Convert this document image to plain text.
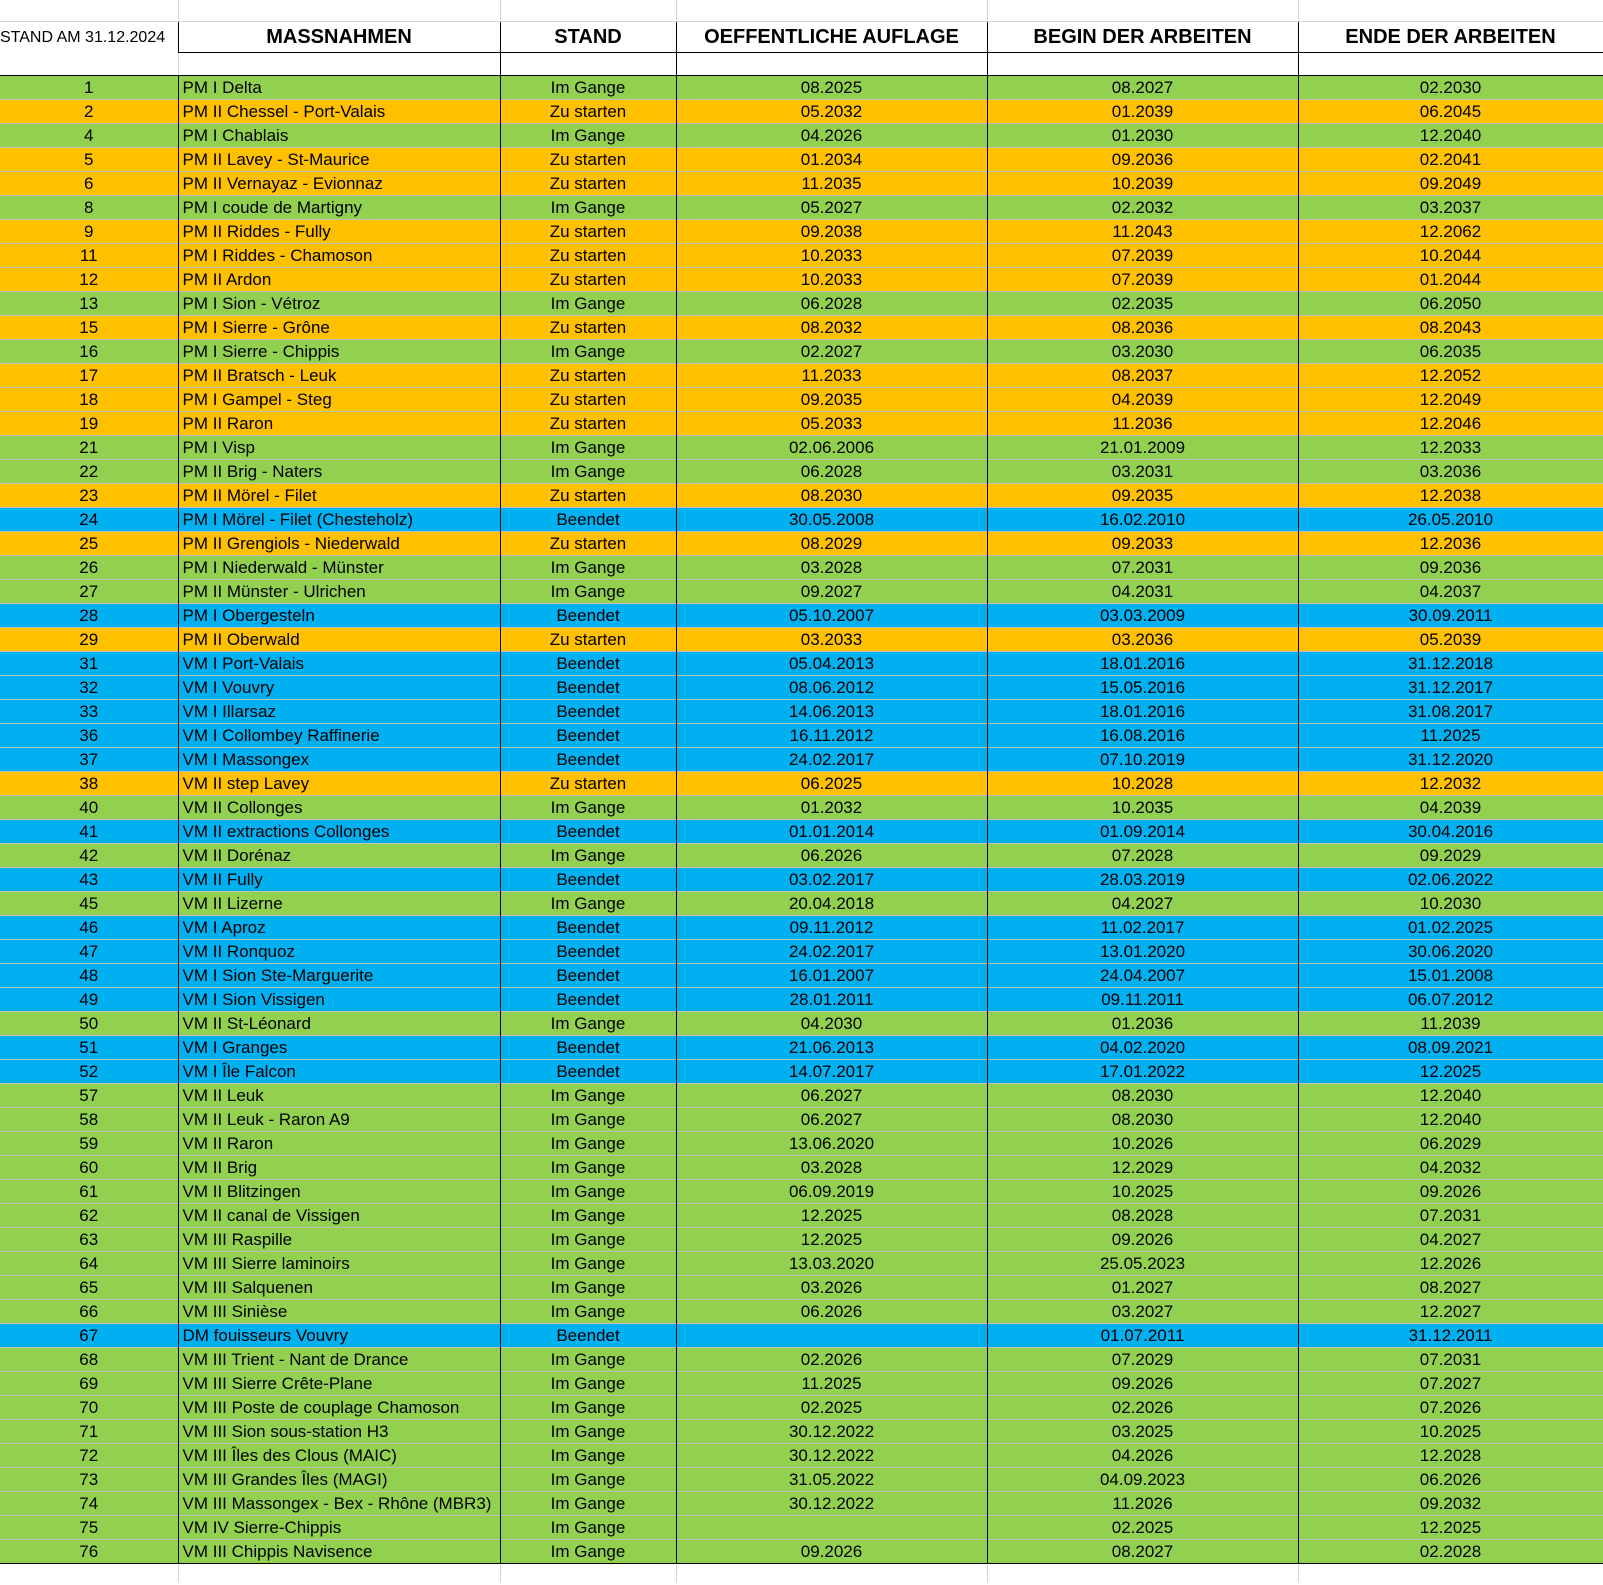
STAND AM 31.12.2024	MASSNAHMEN	STAND	OEFFENTLICHE AUFLAGE	BEGIN DER ARBEITEN	ENDE DER ARBEITEN

1	PM I Delta	Im Gange	08.2025	08.2027	02.2030
2	PM II Chessel - Port-Valais	Zu starten	05.2032	01.2039	06.2045
4	PM I Chablais	Im Gange	04.2026	01.2030	12.2040
5	PM II Lavey - St-Maurice	Zu starten	01.2034	09.2036	02.2041
6	PM II Vernayaz - Evionnaz	Zu starten	11.2035	10.2039	09.2049
8	PM I coude de Martigny	Im Gange	05.2027	02.2032	03.2037
9	PM II Riddes - Fully	Zu starten	09.2038	11.2043	12.2062
11	PM I Riddes - Chamoson	Zu starten	10.2033	07.2039	10.2044
12	PM II Ardon	Zu starten	10.2033	07.2039	01.2044
13	PM I Sion - Vétroz	Im Gange	06.2028	02.2035	06.2050
15	PM I Sierre - Grône	Zu starten	08.2032	08.2036	08.2043
16	PM I Sierre - Chippis	Im Gange	02.2027	03.2030	06.2035
17	PM II Bratsch - Leuk	Zu starten	11.2033	08.2037	12.2052
18	PM I Gampel - Steg	Zu starten	09.2035	04.2039	12.2049
19	PM II Raron	Zu starten	05.2033	11.2036	12.2046
21	PM I Visp	Im Gange	02.06.2006	21.01.2009	12.2033
22	PM II Brig - Naters	Im Gange	06.2028	03.2031	03.2036
23	PM II Mörel - Filet	Zu starten	08.2030	09.2035	12.2038
24	PM I Mörel - Filet (Chesteholz)	Beendet	30.05.2008	16.02.2010	26.05.2010
25	PM II Grengiols - Niederwald	Zu starten	08.2029	09.2033	12.2036
26	PM I Niederwald - Münster	Im Gange	03.2028	07.2031	09.2036
27	PM II Münster - Ulrichen	Im Gange	09.2027	04.2031	04.2037
28	PM I Obergesteln	Beendet	05.10.2007	03.03.2009	30.09.2011
29	PM II Oberwald	Zu starten	03.2033	03.2036	05.2039
31	VM I Port-Valais	Beendet	05.04.2013	18.01.2016	31.12.2018
32	VM I Vouvry	Beendet	08.06.2012	15.05.2016	31.12.2017
33	VM I Illarsaz	Beendet	14.06.2013	18.01.2016	31.08.2017
36	VM I Collombey Raffinerie	Beendet	16.11.2012	16.08.2016	11.2025
37	VM I Massongex	Beendet	24.02.2017	07.10.2019	31.12.2020
38	VM II step Lavey	Zu starten	06.2025	10.2028	12.2032
40	VM II Collonges	Im Gange	01.2032	10.2035	04.2039
41	VM II extractions Collonges	Beendet	01.01.2014	01.09.2014	30.04.2016
42	VM II Dorénaz	Im Gange	06.2026	07.2028	09.2029
43	VM II Fully	Beendet	03.02.2017	28.03.2019	02.06.2022
45	VM II Lizerne	Im Gange	20.04.2018	04.2027	10.2030
46	VM I Aproz	Beendet	09.11.2012	11.02.2017	01.02.2025
47	VM II Ronquoz	Beendet	24.02.2017	13.01.2020	30.06.2020
48	VM I Sion Ste-Marguerite	Beendet	16.01.2007	24.04.2007	15.01.2008
49	VM I Sion Vissigen	Beendet	28.01.2011	09.11.2011	06.07.2012
50	VM II St-Léonard	Im Gange	04.2030	01.2036	11.2039
51	VM I Granges	Beendet	21.06.2013	04.02.2020	08.09.2021
52	VM I Île Falcon	Beendet	14.07.2017	17.01.2022	12.2025
57	VM II Leuk	Im Gange	06.2027	08.2030	12.2040
58	VM II Leuk - Raron A9	Im Gange	06.2027	08.2030	12.2040
59	VM II Raron	Im Gange	13.06.2020	10.2026	06.2029
60	VM II Brig	Im Gange	03.2028	12.2029	04.2032
61	VM II Blitzingen	Im Gange	06.09.2019	10.2025	09.2026
62	VM II canal de Vissigen	Im Gange	12.2025	08.2028	07.2031
63	VM III Raspille	Im Gange	12.2025	09.2026	04.2027
64	VM III Sierre laminoirs	Im Gange	13.03.2020	25.05.2023	12.2026
65	VM III Salquenen	Im Gange	03.2026	01.2027	08.2027
66	VM III Sinièse	Im Gange	06.2026	03.2027	12.2027
67	DM fouisseurs Vouvry	Beendet		01.07.2011	31.12.2011
68	VM III Trient - Nant de Drance	Im Gange	02.2026	07.2029	07.2031
69	VM III Sierre Crête-Plane	Im Gange	11.2025	09.2026	07.2027
70	VM III Poste de couplage Chamoson	Im Gange	02.2025	02.2026	07.2026
71	VM III Sion sous-station H3	Im Gange	30.12.2022	03.2025	10.2025
72	VM III Îles des Clous (MAIC)	Im Gange	30.12.2022	04.2026	12.2028
73	VM III Grandes Îles (MAGI)	Im Gange	31.05.2022	04.09.2023	06.2026
74	VM III Massongex - Bex - Rhône (MBR3)	Im Gange	30.12.2022	11.2026	09.2032
75	VM IV Sierre-Chippis	Im Gange		02.2025	12.2025
76	VM III Chippis Navisence	Im Gange	09.2026	08.2027	02.2028
